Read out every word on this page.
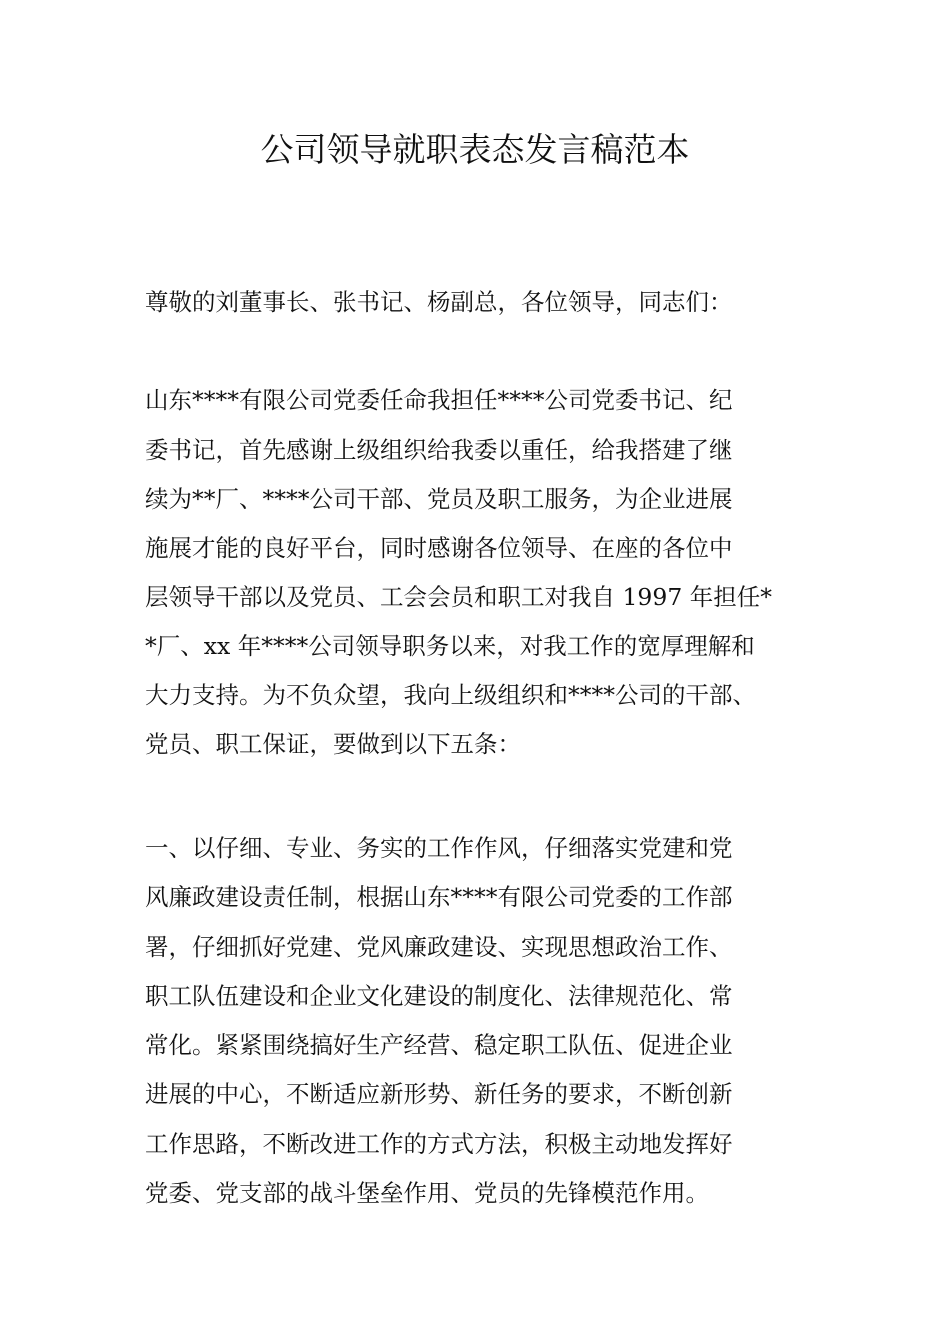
公司领导就职表态发言稿范本

尊敬的刘董事长、张书记、杨副总，各位领导，同志们：

山东****有限公司党委任命我担任****公司党委书记、纪

委书记，首先感谢上级组织给我委以重任，给我搭建了继

续为**厂、****公司干部、党员及职工服务，为企业进展

施展才能的良好平台，同时感谢各位领导、在座的各位中

层领导干部以及党员、工会会员和职工对我自 1997 年担任*

*厂、xx 年****公司领导职务以来，对我工作的宽厚理解和

大力支持。为不负众望，我向上级组织和****公司的干部、

党员、职工保证，要做到以下五条：

一、以仔细、专业、务实的工作作风，仔细落实党建和党

风廉政建设责任制，根据山东****有限公司党委的工作部

署，仔细抓好党建、党风廉政建设、实现思想政治工作、

职工队伍建设和企业文化建设的制度化、法律规范化、常

常化。紧紧围绕搞好生产经营、稳定职工队伍、促进企业

进展的中心，不断适应新形势、新任务的要求，不断创新

工作思路，不断改进工作的方式方法，积极主动地发挥好

党委、党支部的战斗堡垒作用、党员的先锋模范作用。
